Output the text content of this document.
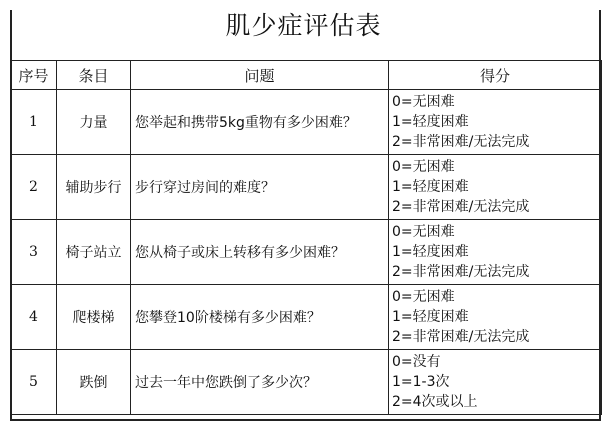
肌少症评估表
序号	条目	问题	得分
1	力量	您举起和携带5kg重物有多少困难？	0=无困难
1=轻度困难
2=非常困难/无法完成

2	辅助步行	步行穿过房间的难度？	0=无困难
1=轻度困难
2=非常困难/无法完成

3	椅子站立	您从椅子或床上转移有多少困难？	0=无困难
1=轻度困难
2=非常困难/无法完成

4	爬楼梯	您攀登10阶楼梯有多少困难？	0=无困难
1=轻度困难
2=非常困难/无法完成

5	跌倒	过去一年中您跌倒了多少次？	0=没有
1=1-3次
2=4次或以上
